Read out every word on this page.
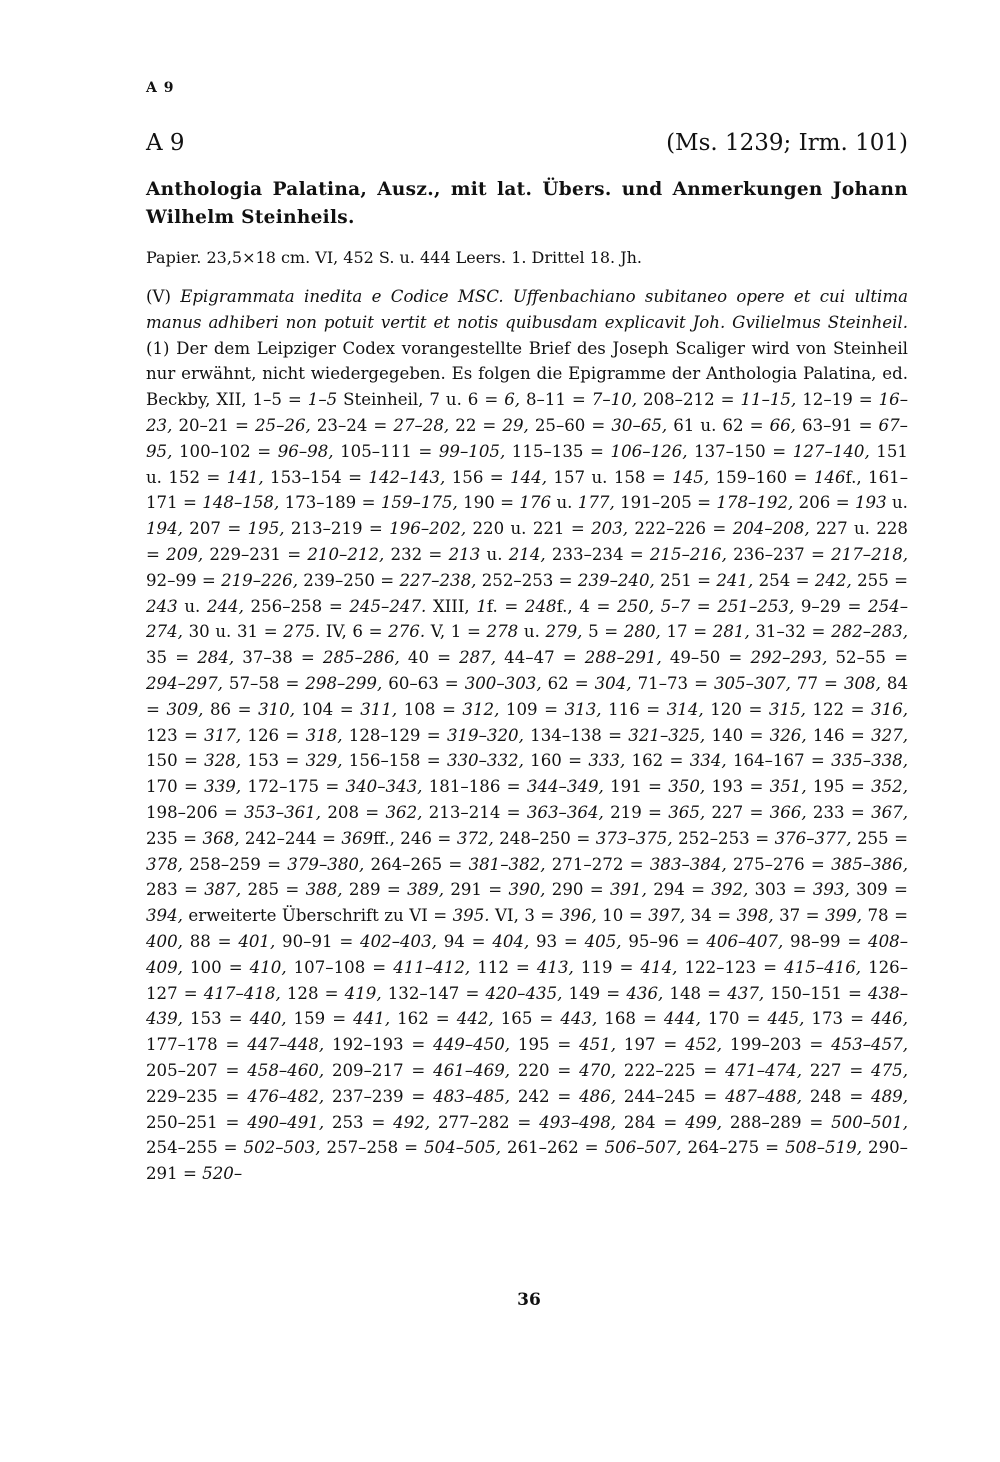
A 9
A 9	(Ms. 1239; Irm. 101)
Anthologia Palatina, Ausz., mit lat. Übers. und Anmerkungen Johann Wilhelm Steinheils.
Papier. 23,5×18 cm. VI, 452 S. u. 444 Leers. 1. Drittel 18. Jh.
(V) Epigrammata inedita e Codice MSC. Uffenbachiano subitaneo opere et cui ultima manus adhiberi non potuit vertit et notis quibusdam explicavit Joh. Gvilielmus Steinheil. (1) Der dem Leipziger Codex vorangestellte Brief des Joseph Scaliger wird von Steinheil nur erwähnt, nicht wiedergegeben. Es folgen die Epigramme der Anthologia Palatina, ed. Beckby, XII, 1–5 = 1–5 Steinheil, 7 u. 6 = 6, 8–11 = 7–10, 208–212 = 11–15, 12–19 = 16–23, 20–21 = 25–26, 23–24 = 27–28, 22 = 29, 25–60 = 30–65, 61 u. 62 = 66, 63–91 = 67–95, 100–102 = 96–98, 105–111 = 99–105, 115–135 = 106–126, 137–150 = 127–140, 151 u. 152 = 141, 153–154 = 142–143, 156 = 144, 157 u. 158 = 145, 159–160 = 146f., 161–171 = 148–158, 173–189 = 159–175, 190 = 176 u. 177, 191–205 = 178–192, 206 = 193 u. 194, 207 = 195, 213–219 = 196–202, 220 u. 221 = 203, 222–226 = 204–208, 227 u. 228 = 209, 229–231 = 210–212, 232 = 213 u. 214, 233–234 = 215–216, 236–237 = 217–218, 92–99 = 219–226, 239–250 = 227–238, 252–253 = 239–240, 251 = 241, 254 = 242, 255 = 243 u. 244, 256–258 = 245–247. XIII, 1f. = 248f., 4 = 250, 5–7 = 251–253, 9–29 = 254–274, 30 u. 31 = 275. IV, 6 = 276. V, 1 = 278 u. 279, 5 = 280, 17 = 281, 31–32 = 282–283, 35 = 284, 37–38 = 285–286, 40 = 287, 44–47 = 288–291, 49–50 = 292–293, 52–55 = 294–297, 57–58 = 298–299, 60–63 = 300–303, 62 = 304, 71–73 = 305–307, 77 = 308, 84 = 309, 86 = 310, 104 = 311, 108 = 312, 109 = 313, 116 = 314, 120 = 315, 122 = 316, 123 = 317, 126 = 318, 128–129 = 319–320, 134–138 = 321–325, 140 = 326, 146 = 327, 150 = 328, 153 = 329, 156–158 = 330–332, 160 = 333, 162 = 334, 164–167 = 335–338, 170 = 339, 172–175 = 340–343, 181–186 = 344–349, 191 = 350, 193 = 351, 195 = 352, 198–206 = 353–361, 208 = 362, 213–214 = 363–364, 219 = 365, 227 = 366, 233 = 367, 235 = 368, 242–244 = 369ff., 246 = 372, 248–250 = 373–375, 252–253 = 376–377, 255 = 378, 258–259 = 379–380, 264–265 = 381–382, 271–272 = 383–384, 275–276 = 385–386, 283 = 387, 285 = 388, 289 = 389, 291 = 390, 290 = 391, 294 = 392, 303 = 393, 309 = 394, erweiterte Überschrift zu VI = 395. VI, 3 = 396, 10 = 397, 34 = 398, 37 = 399, 78 = 400, 88 = 401, 90–91 = 402–403, 94 = 404, 93 = 405, 95–96 = 406–407, 98–99 = 408–409, 100 = 410, 107–108 = 411–412, 112 = 413, 119 = 414, 122–123 = 415–416, 126–127 = 417–418, 128 = 419, 132–147 = 420–435, 149 = 436, 148 = 437, 150–151 = 438–439, 153 = 440, 159 = 441, 162 = 442, 165 = 443, 168 = 444, 170 = 445, 173 = 446, 177–178 = 447–448, 192–193 = 449–450, 195 = 451, 197 = 452, 199–203 = 453–457, 205–207 = 458–460, 209–217 = 461–469, 220 = 470, 222–225 = 471–474, 227 = 475, 229–235 = 476–482, 237–239 = 483–485, 242 = 486, 244–245 = 487–488, 248 = 489, 250–251 = 490–491, 253 = 492, 277–282 = 493–498, 284 = 499, 288–289 = 500–501, 254–255 = 502–503, 257–258 = 504–505, 261–262 = 506–507, 264–275 = 508–519, 290–291 = 520–
36
